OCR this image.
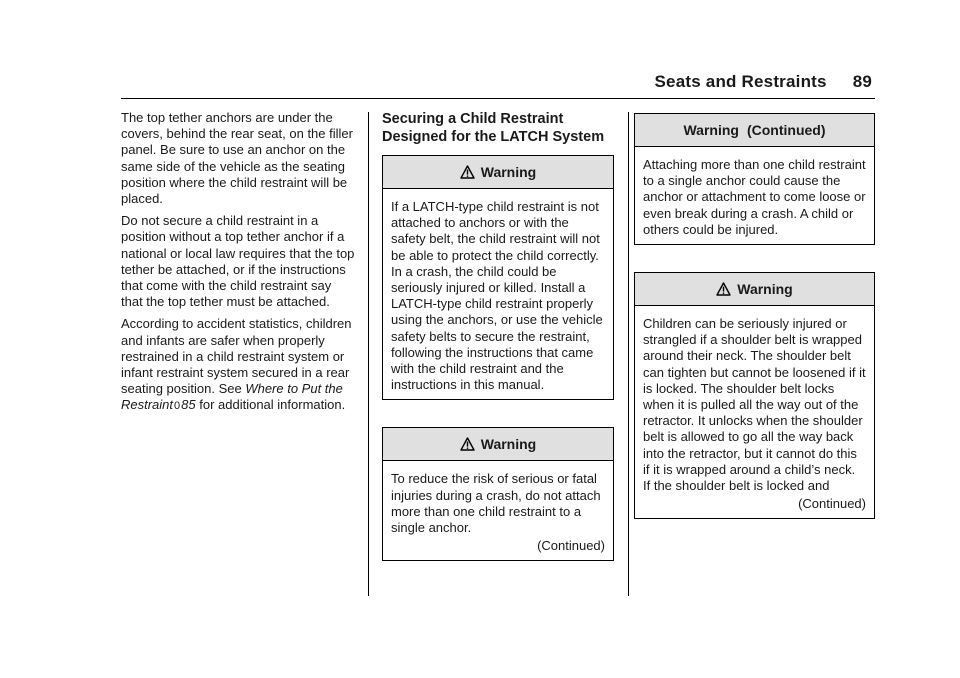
Seats and Restraints 89

The top tether anchors are under the covers, behind the rear seat, on the filler panel. Be sure to use an anchor on the same side of the vehicle as the seating position where the child restraint will be placed.

Do not secure a child restraint in a position without a top tether anchor if a national or local law requires that the top tether be attached, or if the instructions that come with the child restraint say that the top tether must be attached.

According to accident statistics, children and infants are safer when properly restrained in a child restraint system or infant restraint system secured in a rear seating position. See Where to Put the Restraint085 for additional information.

Securing a Child Restraint Designed for the LATCH System
Warning
If a LATCH-type child restraint is not attached to anchors or with the safety belt, the child restraint will not be able to protect the child correctly. In a crash, the child could be seriously injured or killed. Install a LATCH-type child restraint properly using the anchors, or use the vehicle safety belts to secure the restraint, following the instructions that came with the child restraint and the instructions in this manual.
Warning
To reduce the risk of serious or fatal injuries during a crash, do not attach more than one child restraint to a single anchor.
(Continued)
Warning (Continued)
Attaching more than one child restraint to a single anchor could cause the anchor or attachment to come loose or even break during a crash. A child or others could be injured.
Warning
Children can be seriously injured or strangled if a shoulder belt is wrapped around their neck. The shoulder belt can tighten but cannot be loosened if it is locked. The shoulder belt locks when it is pulled all the way out of the retractor. It unlocks when the shoulder belt is allowed to go all the way back into the retractor, but it cannot do this if it is wrapped around a child’s neck. If the shoulder belt is locked and
(Continued)
